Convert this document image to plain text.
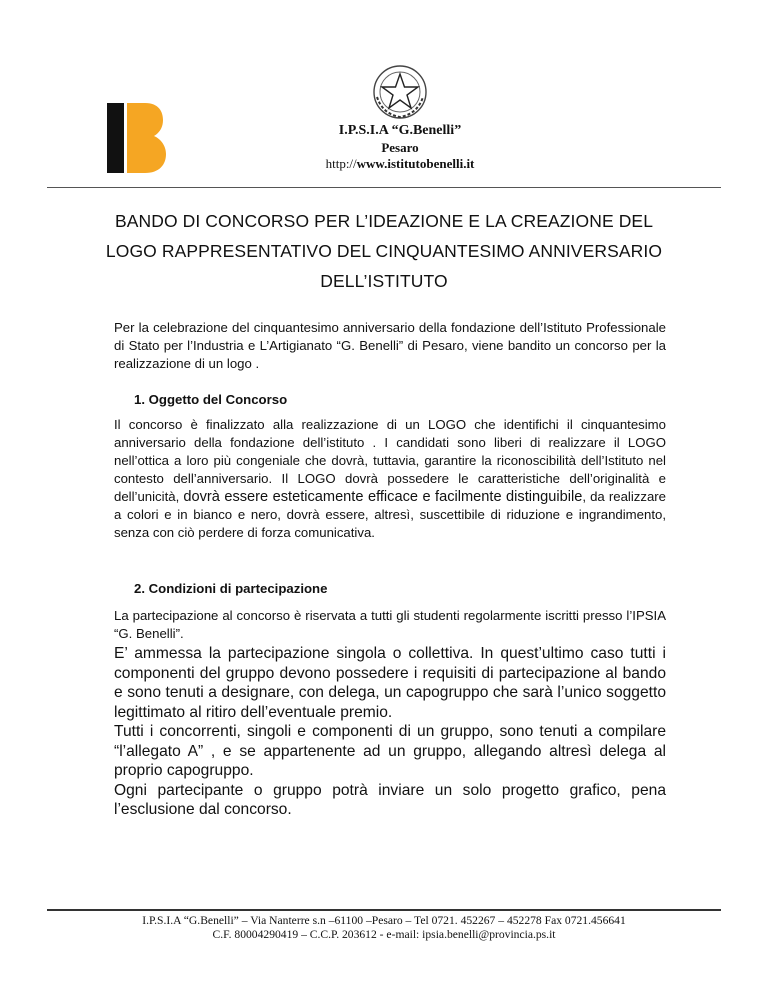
I.P.S.I.A “G.Benelli”
Pesaro
http://www.istitutobenelli.it
BANDO DI CONCORSO PER L’IDEAZIONE E LA CREAZIONE DEL
LOGO RAPPRESENTATIVO DEL CINQUANTESIMO ANNIVERSARIO
DELL’ISTITUTO
Per la celebrazione del cinquantesimo anniversario della fondazione dell’Istituto Professionale di Stato per l’Industria e L’Artigianato “G. Benelli” di Pesaro, viene bandito un concorso per la realizzazione di un logo .
1. Oggetto del Concorso
Il concorso è finalizzato alla realizzazione di un LOGO che identifichi il cinquantesimo anniversario della fondazione dell’istituto . I candidati sono liberi di realizzare il LOGO nell’ottica a loro più congeniale che dovrà, tuttavia, garantire la riconoscibilità dell’Istituto nel contesto dell’anniversario. Il LOGO dovrà possedere le caratteristiche dell’originalità e dell’unicità, dovrà essere esteticamente efficace e facilmente distinguibile, da realizzare a colori e in bianco e nero, dovrà essere, altresì, suscettibile di riduzione e ingrandimento, senza con ciò perdere di forza comunicativa.
2. Condizioni di partecipazione
La partecipazione al concorso è riservata a tutti gli studenti regolarmente iscritti presso l’IPSIA “G. Benelli”.
E’ ammessa la partecipazione singola o collettiva. In quest’ultimo caso tutti i componenti del gruppo devono possedere i requisiti di partecipazione al bando e sono tenuti a designare, con delega, un capogruppo che sarà l’unico soggetto legittimato al ritiro dell’eventuale premio.
Tutti i concorrenti, singoli e componenti di un gruppo, sono tenuti a compilare “l’allegato A” , e se appartenente ad un gruppo, allegando altresì delega al proprio capogruppo.
Ogni partecipante o gruppo potrà inviare un solo progetto grafico, pena l’esclusione dal concorso.
I.P.S.I.A “G.Benelli” – Via Nanterre s.n –61100 –Pesaro – Tel 0721. 452267 – 452278 Fax 0721.456641
C.F. 80004290419 – C.C.P. 203612 - e-mail: ipsia.benelli@provincia.ps.it
